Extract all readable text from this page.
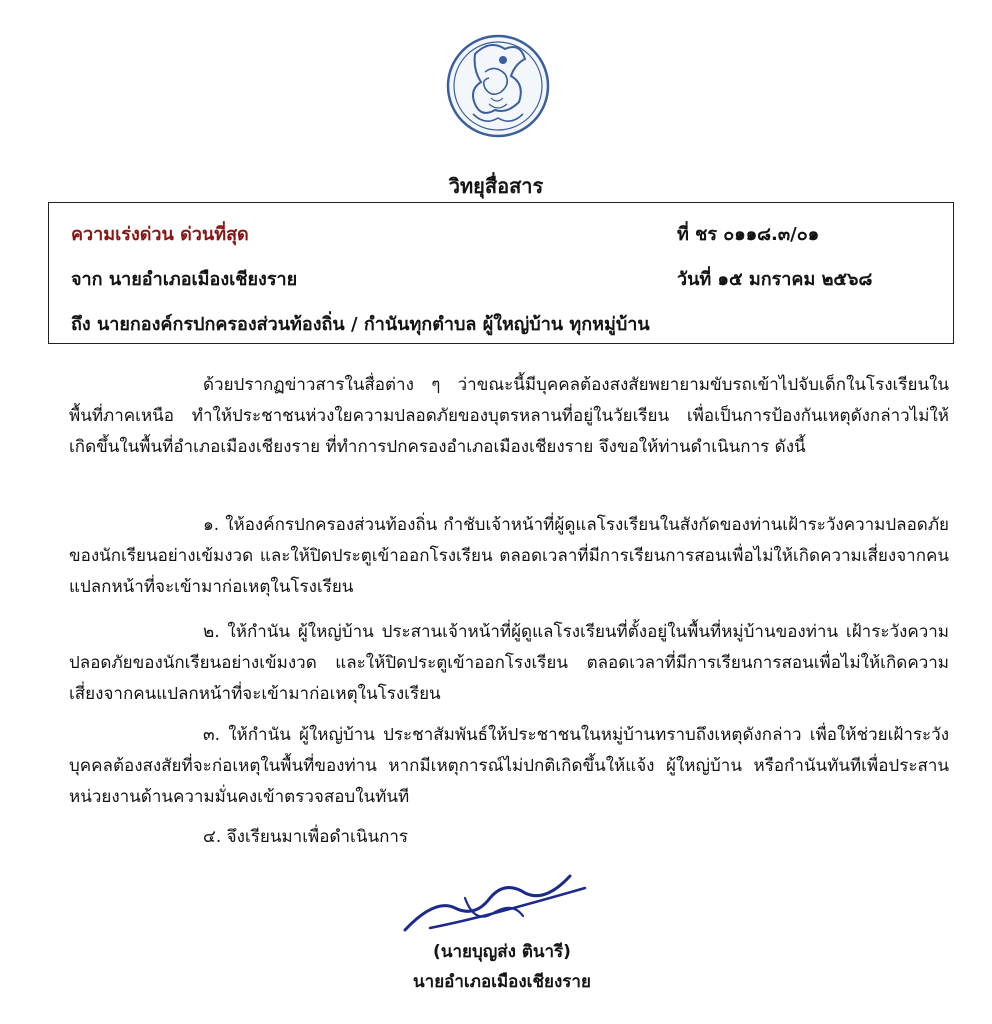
วิทยุสื่อสาร
ความเร่งด่วน ด่วนที่สุด	ที่ ชร ๐๑๑๘.๓/๐๑
จาก นายอำเภอเมืองเชียงราย	วันที่ ๑๕ มกราคม ๒๕๖๘
ถึง นายกองค์กรปกครองส่วนท้องถิ่น / กำนันทุกตำบล ผู้ใหญ่บ้าน ทุกหมู่บ้าน
ด้วยปรากฏข่าวสารในสื่อต่าง ๆ ว่าขณะนี้มีบุคคลต้องสงสัยพยายามขับรถเข้าไปจับเด็กในโรงเรียนในพื้นที่ภาคเหนือ ทำให้ประชาชนห่วงใยความปลอดภัยของบุตรหลานที่อยู่ในวัยเรียน เพื่อเป็นการป้องกันเหตุดังกล่าวไม่ให้เกิดขึ้นในพื้นที่อำเภอเมืองเชียงราย ที่ทำการปกครองอำเภอเมืองเชียงราย จึงขอให้ท่านดำเนินการ ดังนี้
๑. ให้องค์กรปกครองส่วนท้องถิ่น กำชับเจ้าหน้าที่ผู้ดูแลโรงเรียนในสังกัดของท่านเฝ้าระวังความปลอดภัยของนักเรียนอย่างเข้มงวด และให้ปิดประตูเข้าออกโรงเรียน ตลอดเวลาที่มีการเรียนการสอนเพื่อไม่ให้เกิดความเสี่ยงจากคนแปลกหน้าที่จะเข้ามาก่อเหตุในโรงเรียน
๒. ให้กำนัน ผู้ใหญ่บ้าน ประสานเจ้าหน้าที่ผู้ดูแลโรงเรียนที่ตั้งอยู่ในพื้นที่หมู่บ้านของท่าน เฝ้าระวังความปลอดภัยของนักเรียนอย่างเข้มงวด และให้ปิดประตูเข้าออกโรงเรียน ตลอดเวลาที่มีการเรียนการสอนเพื่อไม่ให้เกิดความเสี่ยงจากคนแปลกหน้าที่จะเข้ามาก่อเหตุในโรงเรียน
๓. ให้กำนัน ผู้ใหญ่บ้าน ประชาสัมพันธ์ให้ประชาชนในหมู่บ้านทราบถึงเหตุดังกล่าว เพื่อให้ช่วยเฝ้าระวังบุคคลต้องสงสัยที่จะก่อเหตุในพื้นที่ของท่าน หากมีเหตุการณ์ไม่ปกติเกิดขึ้นให้แจ้ง ผู้ใหญ่บ้าน หรือกำนันทันทีเพื่อประสานหน่วยงานด้านความมั่นคงเข้าตรวจสอบในทันที
๔. จึงเรียนมาเพื่อดำเนินการ
(นายบุญส่ง ตินารี)
นายอำเภอเมืองเชียงราย
